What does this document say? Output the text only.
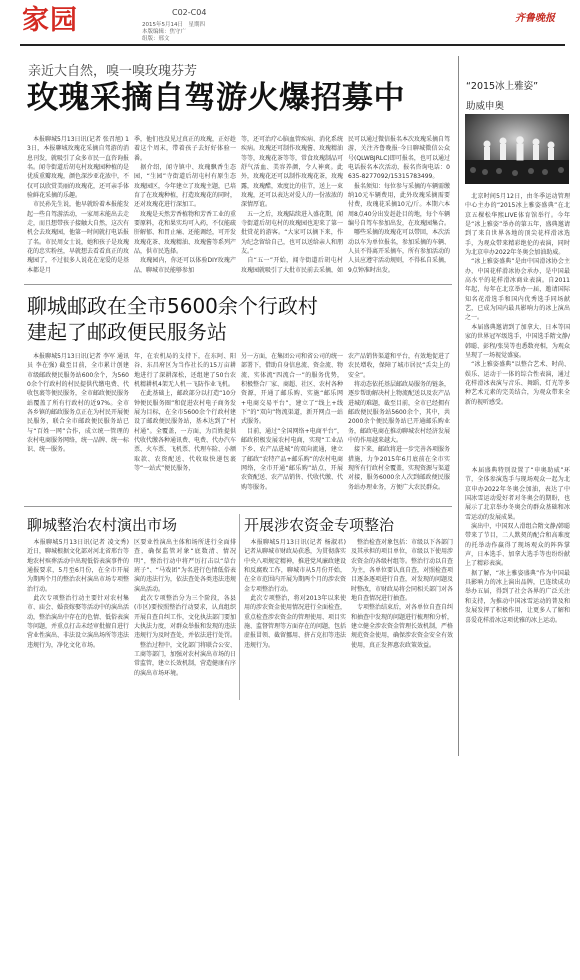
家园	C02-C04
2015年5月14日　星期四
本版编辑：焦守广
组版：邢文
齐鲁晚报
亲近大自然，嗅一嗅玫瑰芬芳
玫瑰采摘自驾游火爆招募中
　本报聊城5月13日讯(记者 张召旭) 13日，本报聊城玫瑰花采摘自驾游的消息刊发，就吸引了众多市民一直咨询报名。闻寺街道后胡屯村玫瑰园种植的是优质重瓣玫瑰，颜色深沙亚花浓中，不仅可以欣赏美丽的玫瑰花，还可亲手体验鲜花采摘的乐趣。
　市民孙先生说，他早就盼着本报能发起一些自驾游活动，一家周末能出去走走，而且想带孩子接触大自然，这次有机会去玫瑰园，他第一时间就打电话报了名。市民周女士说，她和孩子是玫瑰花的忠实粉丝，早就想去看看真正的玫瑰园了，不过很多人说花在宠爱的是基本都是月
季，他们也没见过真正的玫瑰，正好趁着这个周末，带着孩子去好好体验一番。
　据介绍，闻寺镇中、玫瑰飘香生态园，“生园”寺街道后胡屯村有原生态玫瑰园区，今年建立了玫瑰主题，已培育了在玫瑰种植，打造玫瑰花的同时，还对玫瑰花进行深加工。
　玫瑰是天然芳香植物和芳香工业的重要原料，花和果实均可入药，不仅能疏肝解郁、和胃止痛、还能调经，可开发玫瑰花茶、玫瑰精油、玫瑰酱等系列产品，供市民选择。
　玫瑰园内，你还可以体验DIY玫瑰产品，聊城市民能够参加
等，还可治疗心脑血管疾病、消化系统疾病。玫瑰还可制作玫瑰酱、玫瑰精油等等，玫瑰花茶等等，常食玫瑰制品可舒气活血、美容养颜，令人神爽。此外，玫瑰花还可以制作玫瑰花茶，玫瑰露，玫瑰醋，欢度比的佳节，送上一束玫瑰，还可以表达对爱人的一份浓浓的深情厚谊。
　五一之后，玫瑰陆续进入盛花期，闻寺街道后胡屯村的玫瑰园也迎来了第一批赏花的游客。“大家可以摘下来，作为纪念留给自己，也可以送给亲人和朋友。”
　自“五一”开始，闻寺街道后胡屯村玫瑰园就吸引了大批市民前去采摘，如
民可以通过微信报名本次玫瑰采摘自驾游，关注齐鲁晚报·今日聊城微信公众号(QLWBJRLC)即可报名，也可以通过电话报名本次活动，报名咨询电话：0635-8277092/15315783499。
　报名须知：每位参与采摘的车辆需缴纳10元车辆费用，此外玫瑰采摘需要付费，玫瑰花采摘10元/斤。本期六本周8点40分出发赶赴目的地，每个车辆编号自驾车参加出发，在玫瑰园集合。
　哪些采摘的玫瑰花可以带回，本次活动以车为单位报名，参加采摘的车辆、人员不得离开采摘车，所有参加活动的人员应遵守活动规则，不得私自采摘，9点钟准时出发。
聊城邮政在全市5600余个行政村
建起了邮政便民服务站
　本报聊城5月13日讯(记者 李军 通讯员 李在强) 截至目前，全市累计创建市级邮政便民服务站600余个，为5600余个行政村的村民提供代缴电费、代收包裹等便民服务，全市邮政便民服务站覆盖了所有行政村的近97%。全市各乡镇的邮政服务点正在为村民开展便民服务，联合全市邮政便民服务站已与“百姓一网”合作，成立统一管理的农村电商服务网络，统一品牌、统一标识、统一服务。
年，在农机局的支持下，在东阿、阳谷、东昌府区为当作社长的15万亩耕地进行了深耕深松，还组建了50台农机精耕机4架无人机一飞防作业飞机。
　在此基础上，邮政部分以打造“10分钟便民服务圈”和促进农村电子商务发展为目标，在全市5600余个行政村建设了邮政便民服务站，基本达到了“村村通”。全覆盖，一方面，为百姓提供代收代缴各种通讯费、电费、代办汽车票、火车票、飞机票、代理车险、小额取款、农资配送、代收取快递包裹等“一站式”便民服务，
另一方面，在集团公司和省公司的统一部署下，借助自身信息流、资金流、物流、实体流“四流合一”的服务优势，积极整合厂家、商超、社区、农村各种资源，开通了邮乐购、实施“邮乐网+电商交易平台”，建立了“线上+线下”的“双向”物流渠道，新开网点一站式服务。
　目前，通过“全国网络+电商平台”，邮政积极发展农村电商，实现“工业品下乡、农产品进城”的双向流通，建立了邮政“农特产品+邮乐购”的农村电商网络，全市开通“邮乐购”站点，开展农资配送、农产品销售、代收代缴、代购等服务。
农产品销售渠道和平台，有效地促进了农民增收，保障了城市居民“舌尖上的安全”。
　将动态依托基层邮政局服务的链条，逐步帮助解决村上物流配送以及农产品进城的难题，截至目前，全市已经拥有邮政便民服务站5600余个，其中，共2000余个便民服务站已开通邮乐购业务，邮政电商在推动聊城农村经济发展中的作用越来越大。
　接下来，邮政将进一步完善各项服务措施，力争2015年6月底前在全市实现所有行政村全覆盖，实现资源与渠道对接，服务6000余人次到邮政便民服务站办理业务，方便广大农民群众。
聊城整治农村演出市场
　本报聊城5月13日讯(记者 凌文秀) 近日，聊城根据文化部对河北省邢台等地农村殡葬活动中出现低俗表演事件的通报要求，5月至6月份，在全市开展为期两个月的整治农村演出市场专项整治行动。
　此次专项整治行动主要针对农村集市、庙会、婚丧嫁娶等活动中的演出活动，整治演出中存在的色情、低俗表演等问题，并重点打击未经审批擅自进行营业性演出、非法设立演出场所等违法违规行为，净化文化市场。
区要业性演出主体和场所进行全面排查，确保监管对象“底数清、情况明”，整治行动中将严厉打击以“草台班子”、“马戏团”为名进行色情低俗表演的违法行为，依法查处各类违法违规演出活动。
　此次专项整治分为三个阶段，各县(市区)要按照整治行动要求，认真组织开展自查自纠工作，文化执法部门要加大执法力度，对群众举报和发现的违法违规行为及时查处，并依法进行处罚。
　整治过程中，文化部门将联合公安、工商等部门，加强对农村演出市场的日常监管，建立长效机制，营造健康有序的演出市场环境。
开展涉农资金专项整治
　本报聊城5月13日讯(记者 杨淑君) 记者从聊城市财政局获悉，为贯彻落实中央八项规定精神，推进党风廉政建设和反腐败工作，聊城市从5月份开始，在全市范围内开展为期两个月的涉农资金专项整治行动。
　此次专项整治，将对2013年以来使用的涉农资金使用情况进行全面检查，重点检查涉农资金的管理使用、项目实施、监督管理等方面存在的问题，包括虚报冒领、截留挪用、挤占克扣等违法违规行为。
　整治检查对象包括：市级以下各部门及其承担的项目单位，市级以下使用涉农资金的各级村组等。整治行动以自查为主，各单位要认真自查，对照检查项目逐条逐项进行自查，对发现的问题及时整改，市财政局将会同相关部门对各地自查情况进行抽查。
　专项整治结束后，对各单位自查自纠和抽查中发现的问题进行梳理和分析，建立健全涉农资金管理长效机制，严格规范资金使用，确保涉农资金安全有效使用，真正发挥惠农政策效益。
“2015冰上雅姿”
助威申奥
　北京时间5月12日，由冬季运动管理中心主办的“2015冰上雅姿盛典”在北京五棵松华熙LIVE体育馆举行。今年是“冰上雅姿”举办的第五年，盛典邀请到了来自世界各地的顶尖花样滑冰选手，为观众带来精彩绝伦的表演，同时为北京申办2022年冬奥会加油助威。
　“冰上雅姿盛典”是由中国滑冰协会主办，中国花样滑冰协会承办，是中国最高水平的花样滑冰商业表演。自2011年起，每年在北京举办一届，邀请国际知名花滑选手和国内优秀选手同场献艺，已成为国内最具影响力的冰上演出之一。
　本届盛典邀请到了加拿大、日本等国家的世界冠军级选手，中国选手隋文静/韩聪、彭程/张昊等也悉数亮相，为观众呈现了一场视觉盛宴。
　“冰上雅姿盛典”以整合艺术、时尚、娱乐、运动于一体的综合性表演，通过花样滑冰表演与音乐、舞蹈、灯光等多种艺术元素的完美结合，为观众带来全新的视听感受。
　本届盛典特别设置了“申奥助威”环节，全体参演选手与现场观众一起为北京申办2022年冬奥会加油，表达了中国冰雪运动爱好者对冬奥会的期盼，也展示了北京举办冬奥会的群众基础和冰雪运动的发展成果。
　演出中，中国双人滑组合隋文静/韩聪带来了节目，二人默契的配合和高难度的托举动作赢得了现场观众的阵阵掌声，日本选手、加拿大选手等也纷纷献上了精彩表演。
　据了解，“冰上雅姿盛典”作为中国最具影响力的冰上演出品牌，已连续成功举办五届，得到了社会各界的广泛关注和支持，为推动中国冰雪运动的普及和发展发挥了积极作用，让更多人了解和喜爱花样滑冰这项优雅的冰上运动。
